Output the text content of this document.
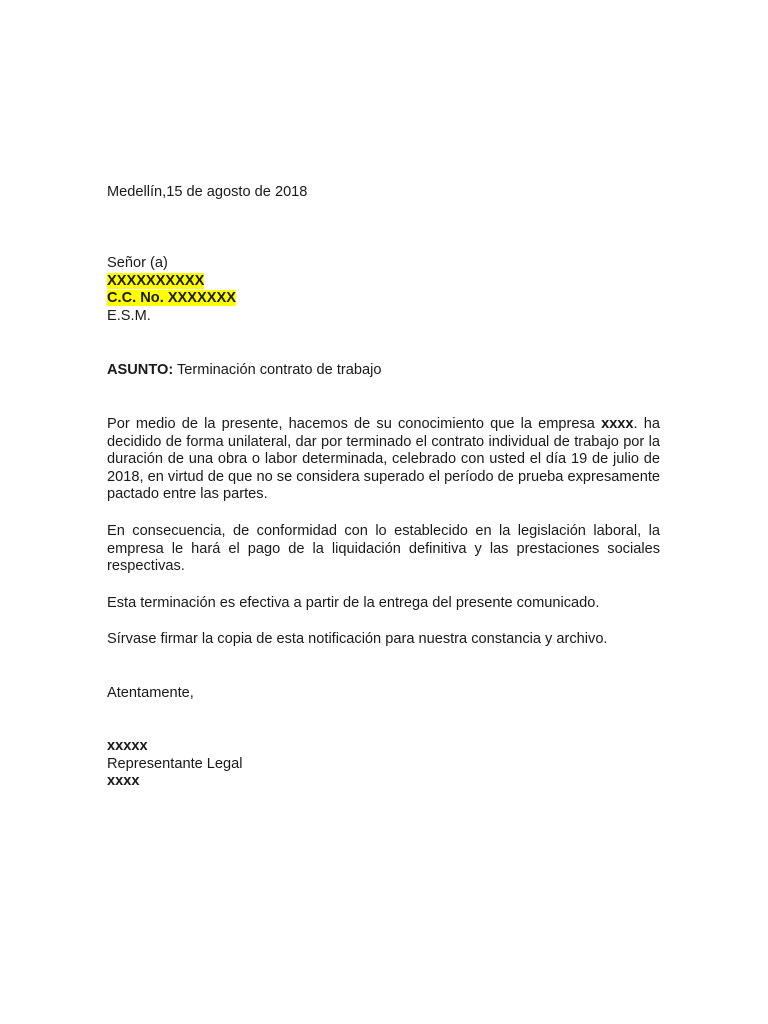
Medellín,15 de agosto de 2018
Señor (a)
XXXXXXXXXX
C.C. No. XXXXXXX
E.S.M.
ASUNTO: Terminación contrato de trabajo
Por medio de la presente, hacemos de su conocimiento que la empresa xxxx. ha decidido de forma unilateral, dar por terminado el contrato individual de trabajo por la duración de una obra o labor determinada, celebrado con usted el día 19 de julio de 2018, en virtud de que no se considera superado el período de prueba expresamente pactado entre las partes.
En consecuencia, de conformidad con lo establecido en la legislación laboral, la empresa le hará el pago de la liquidación definitiva y las prestaciones sociales respectivas.
Esta terminación es efectiva a partir de la entrega del presente comunicado.
Sírvase firmar la copia de esta notificación para nuestra constancia y archivo.
Atentamente,
xxxxx
Representante Legal
xxxx
